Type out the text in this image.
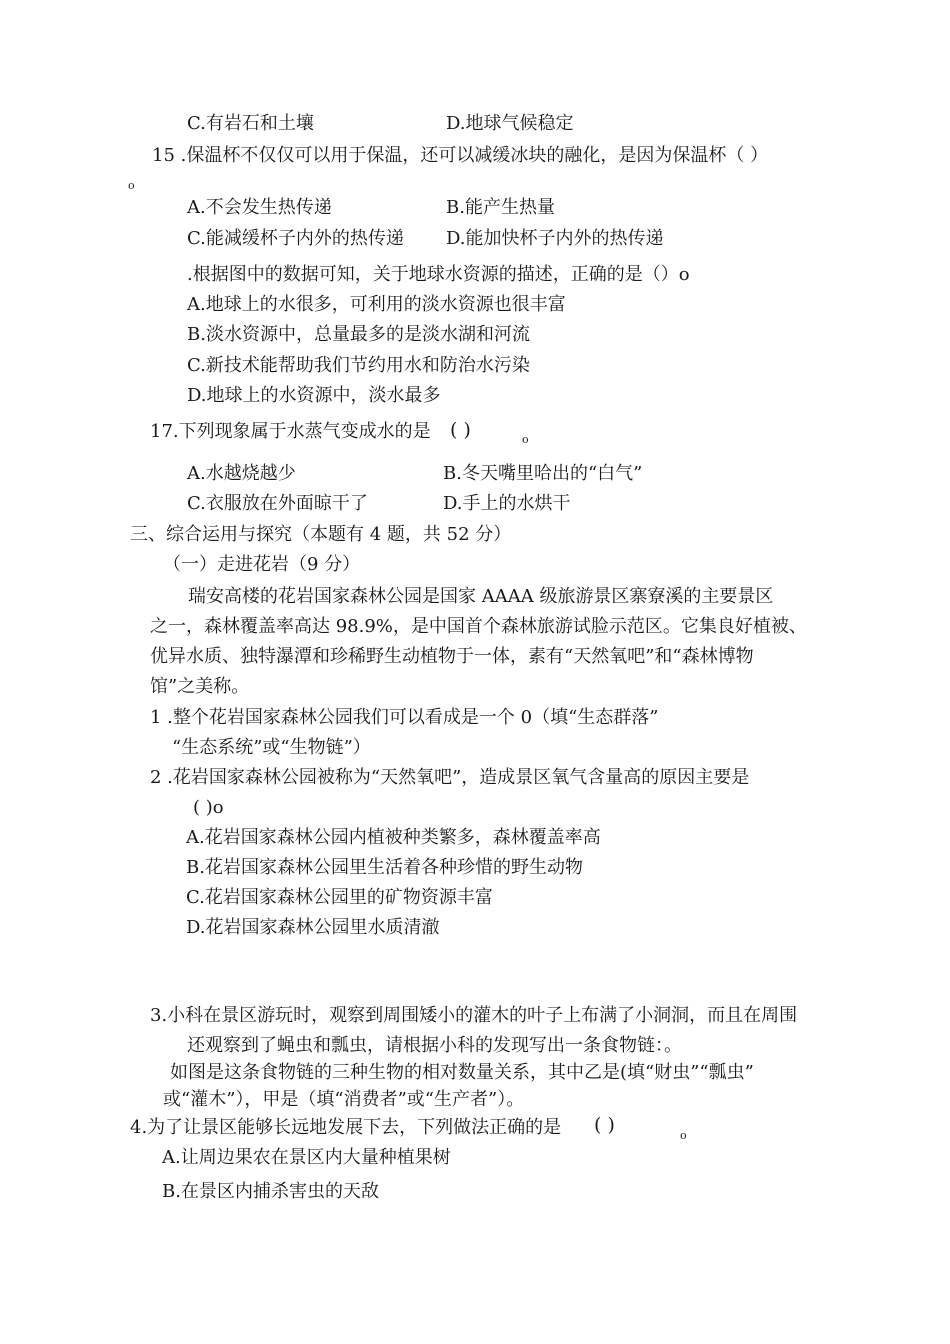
C.有岩石和土壤	D.地球气候稳定
15 .保温杯不仅仅可以用于保温，还可以减缓冰块的融化，是因为保温杯（ ）
o
A.不会发生热传递	B.能产生热量
C.能减缓杯子内外的热传递 D.能加快杯子内外的热传递
.根据图中的数据可知，关于地球水资源的描述，正确的是（）o
A.地球上的水很多，可利用的淡水资源也很丰富
B.淡水资源中，总量最多的是淡水湖和河流
C.新技术能帮助我们节约用水和防治水污染
D.地球上的水资源中，淡水最多
17.下列现象属于水蒸气变成水的是 ( )	o
A.水越烧越少	B.冬天嘴里哈出的“白气”
C.衣服放在外面晾干了	D.手上的水烘干
三、综合运用与探究（本题有 4 题，共 52 分）
（一）走进花岩（9 分）
瑞安高楼的花岩国家森林公园是国家 AAAA 级旅游景区寨寮溪的主要景区
之一，森林覆盖率高达 98.9%，是中国首个森林旅游试脸示范区。它集良好植被、
优异水质、独特瀑潭和珍稀野生动植物于一体，素有“天然氧吧”和“森林博物
馆”之美称。
1 .整个花岩国家森林公园我们可以看成是一个 0（填“生态群落”
“生态系统”或“生物链”）
2 .花岩国家森林公园被称为“天然氧吧”，造成景区氧气含量高的原因主要是
( )o
A.花岩国家森林公园内植被种类繁多，森林覆盖率高
B.花岩国家森林公园里生活着各种珍惜的野生动物
C.花岩国家森林公园里的矿物资源丰富
D.花岩国家森林公园里水质清澈
3.小科在景区游玩时，观察到周围矮小的灌木的叶子上布满了小洞洞，而且在周围
还观察到了蝇虫和瓢虫，请根据小科的发现写出一条食物链：。
如图是这条食物链的三种生物的相对数量关系，其中乙是(填“财虫”“瓢虫”
或“灌木”），甲是（填“消费者”或“生产者”）。
4.为了让景区能够长远地发展下去，下列做法正确的是 ( )	o
A.让周边果农在景区内大量种植果树
B.在景区内捕杀害虫的天敌
